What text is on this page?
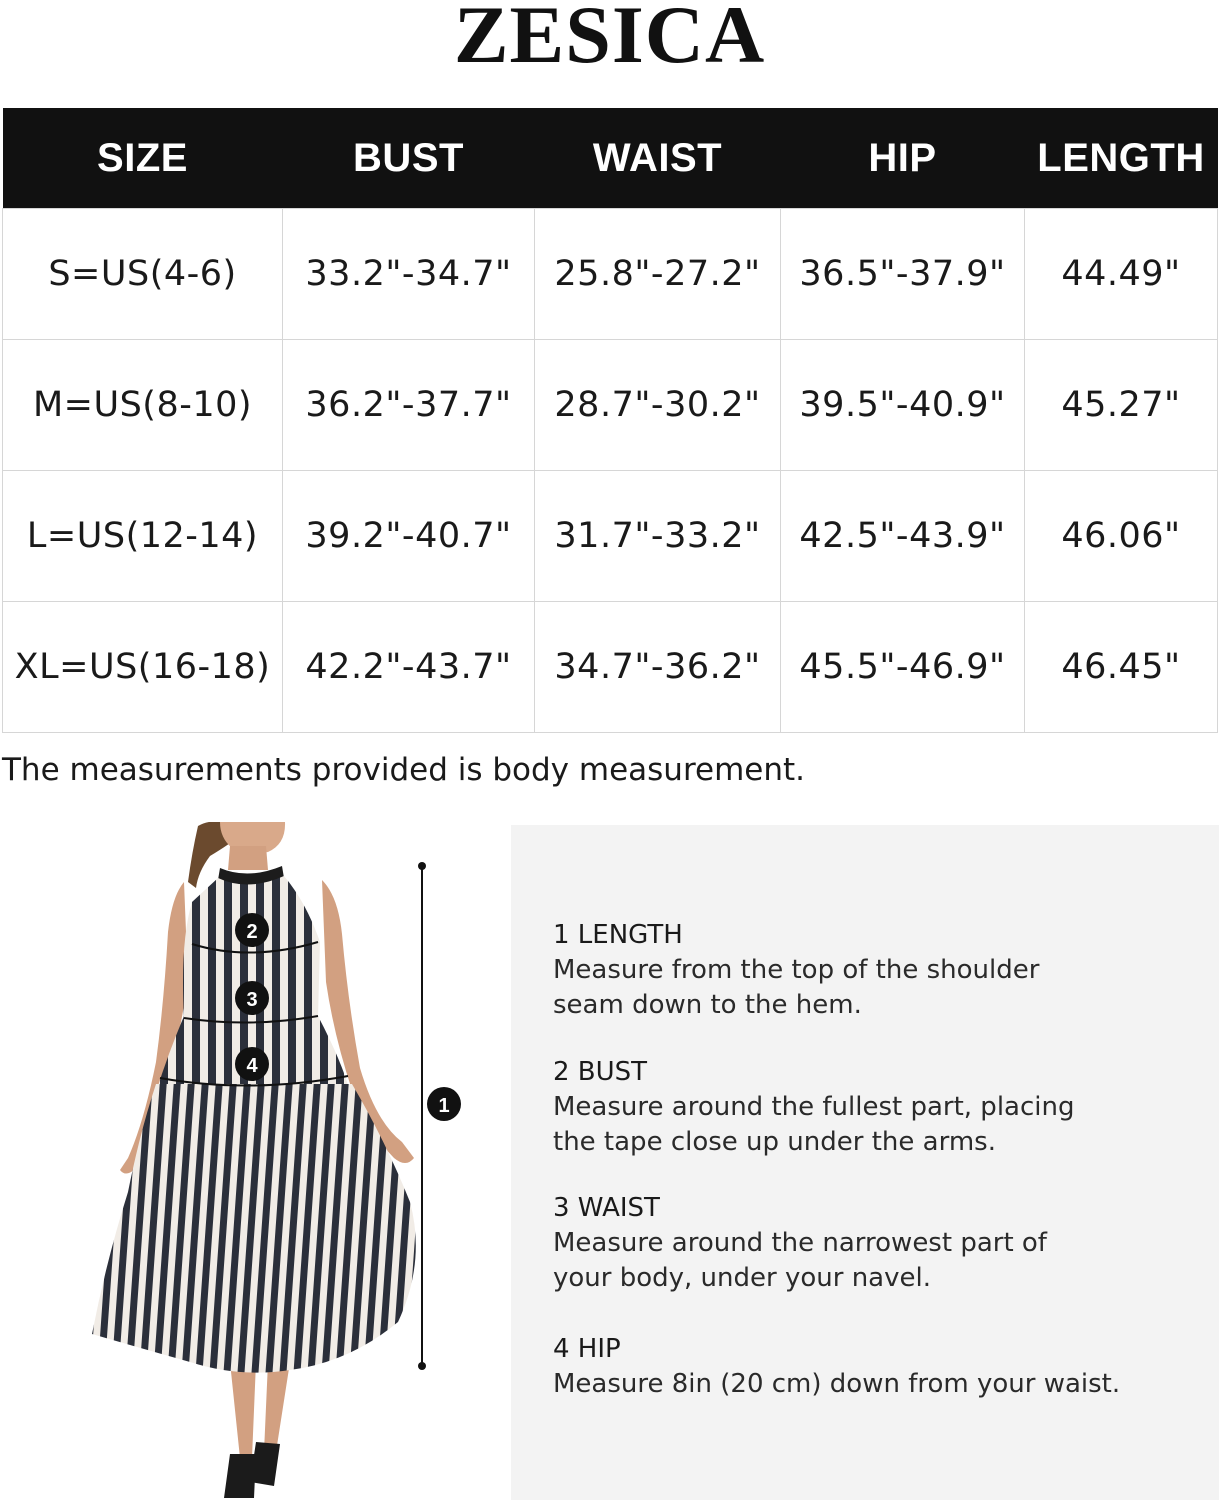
ZESICA
SIZE	BUST	WAIST	HIP	LENGTH
S=US(4-6)	33.2"-34.7"	25.8"-27.2"	36.5"-37.9"	44.49"
M=US(8-10)	36.2"-37.7"	28.7"-30.2"	39.5"-40.9"	45.27"
L=US(12-14)	39.2"-40.7"	31.7"-33.2"	42.5"-43.9"	46.06"
XL=US(16-18)	42.2"-43.7"	34.7"-36.2"	45.5"-46.9"	46.45"
The measurements provided is body measurement.
1
2
3
4

1 LENGTH

Measure from the top of the shoulder

seam down to the hem.

2 BUST

Measure around the fullest part, placing

the tape close up under the arms.

3 WAIST

Measure around the narrowest part of

your body, under your navel.

4 HIP

Measure 8in (20 cm) down from your waist.
